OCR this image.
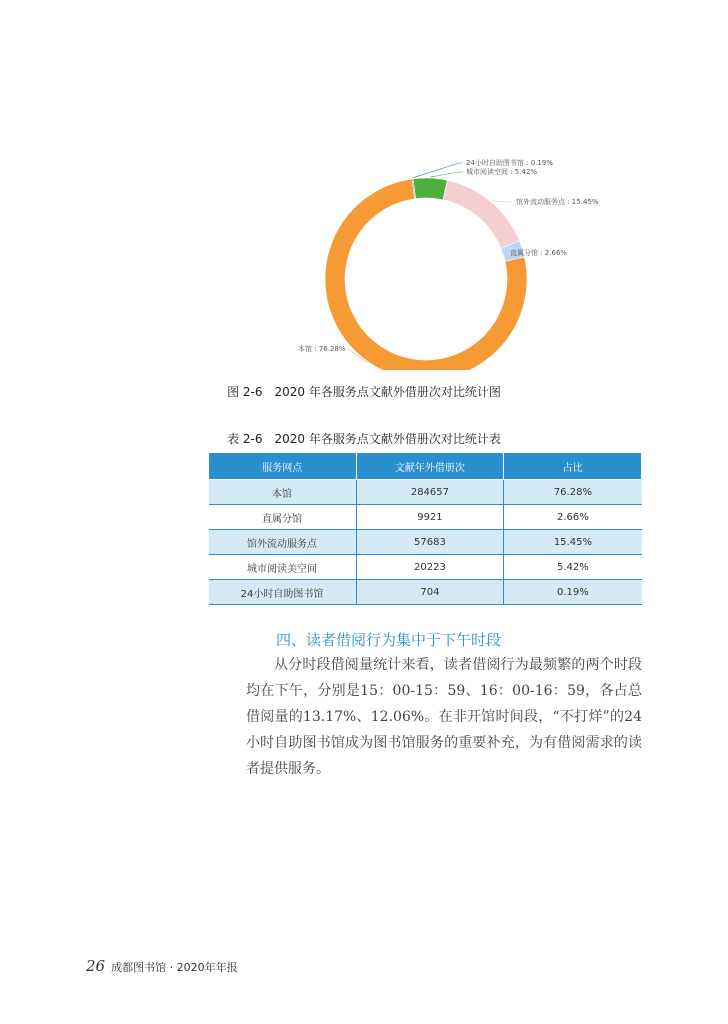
24小时自助图书馆 : 0.19%
城市阅读空间 : 5.42%
馆外流动服务点 : 15.45%
直属分馆 : 2.66%
本馆 : 76.28%
图 2-6 2020 年各服务点文献外借册次对比统计图
表 2-6 2020 年各服务点文献外借册次对比统计表
服务网点	文献年外借册次	占比
本馆	284657	76.28%
直属分馆	9921	2.66%
馆外流动服务点	57683	15.45%
城市阅读美空间	20223	5.42%
24小时自助图书馆	704	0.19%
四、读者借阅行为集中于下午时段
从分时段借阅量统计来看，读者借阅行为最频繁的两个时段均在下午，分别是15：00-15：59、16：00-16：59，各占总借阅量的13.17%、12.06%。在非开馆时间段，“不打烊”的24小时自助图书馆成为图书馆服务的重要补充，为有借阅需求的读者提供服务。
26 成都图书馆 · 2020年年报
